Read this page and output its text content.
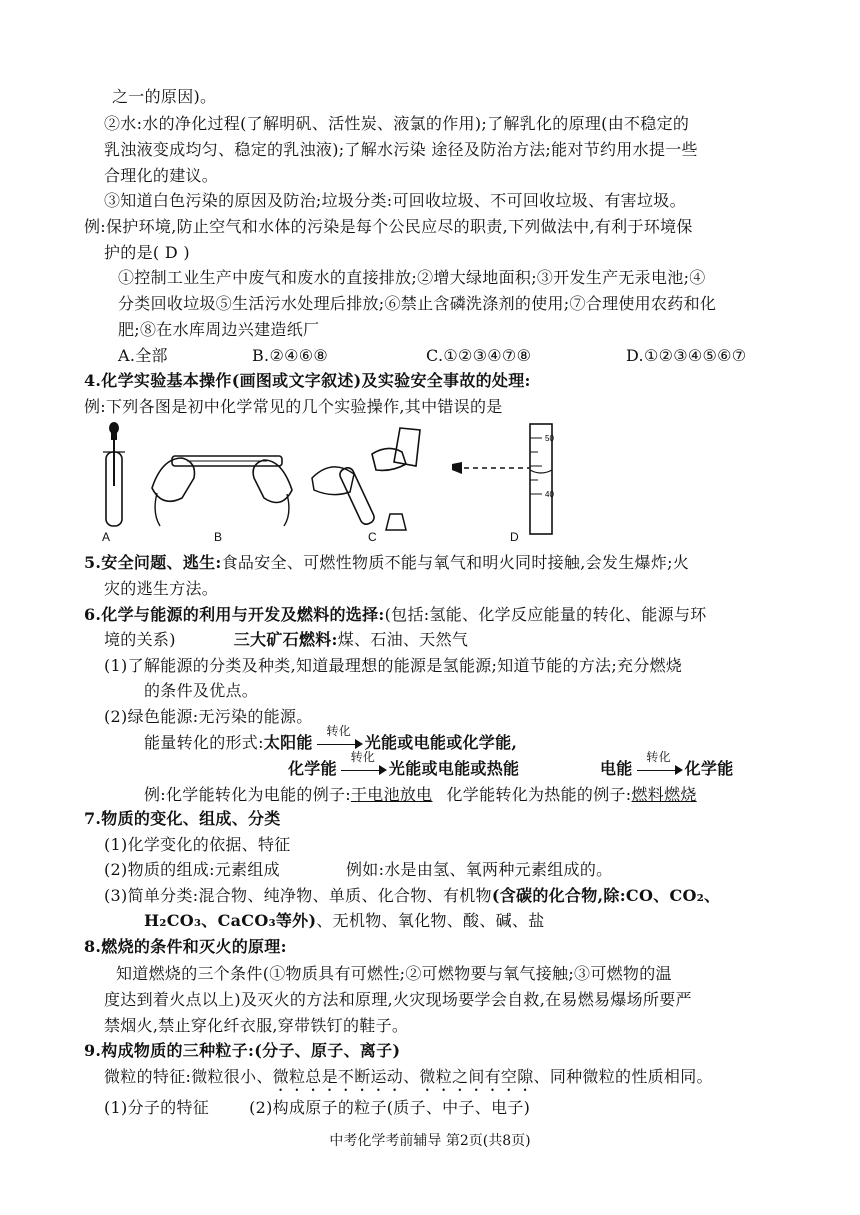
之一的原因)。
②水:水的净化过程(了解明矾、活性炭、液氯的作用);了解乳化的原理(由不稳定的
乳浊液变成均匀、稳定的乳浊液);了解水污染 途径及防治方法;能对节约用水提一些
合理化的建议。
③知道白色污染的原因及防治;垃圾分类:可回收垃圾、不可回收垃圾、有害垃圾。
例:保护环境,防止空气和水体的污染是每个公民应尽的职责,下列做法中,有利于环境保
护的是( D )
①控制工业生产中废气和废水的直接排放;②增大绿地面积;③开发生产无汞电池;④
分类回收垃圾⑤生活污水处理后排放;⑥禁止含磷洗涤剂的使用;⑦合理使用农药和化
肥;⑧在水库周边兴建造纸厂
A.全部	B.②④⑥⑧	C.①②③④⑦⑧	D.①②③④⑤⑥⑦
4.化学实验基本操作(画图或文字叙述)及实验安全事故的处理:
例:下列各图是初中化学常见的几个实验操作,其中错误的是
50
40
A	B	C	D
5.安全问题、逃生:食品安全、可燃性物质不能与氧气和明火同时接触,会发生爆炸;火
灾的逃生方法。
6.化学与能源的利用与开发及燃料的选择:(包括:氢能、化学反应能量的转化、能源与环
境的关系)	三大矿石燃料:煤、石油、天然气
(1)了解能源的分类及种类,知道最理想的能源是氢能源;知道节能的方法;充分燃烧
的条件及优点。
(2)绿色能源:无污染的能源。
能量转化的形式:太阳能
转化
光能或电能或化学能,
化学能
转化
光能或电能或热能	电能
转化
化学能
例:化学能转化为电能的例子:干电池放电 化学能转化为热能的例子:燃料燃烧
7.物质的变化、组成、分类
(1)化学变化的依据、特征
(2)物质的组成:元素组成	例如:水是由氢、氧两种元素组成的。
(3)简单分类:混合物、纯净物、单质、化合物、有机物(含碳的化合物,除:CO、CO₂、
H₂CO₃、CaCO₃等外)、无机物、氧化物、酸、碱、盐
8.燃烧的条件和灭火的原理:
知道燃烧的三个条件(①物质具有可燃性;②可燃物要与氧气接触;③可燃物的温
度达到着火点以上)及灭火的方法和原理,火灾现场要学会自救,在易燃易爆场所要严
禁烟火,禁止穿化纤衣服,穿带铁钉的鞋子。
9.构成物质的三种粒子:(分子、原子、离子)
微粒的特征:微粒很小、微粒总是不断运动、微粒之间有空隙、同种微粒的性质相同。
(1)分子的特征	(2)构成原子的粒子(质子、中子、电子)
中考化学考前辅导 第2页(共8页)
